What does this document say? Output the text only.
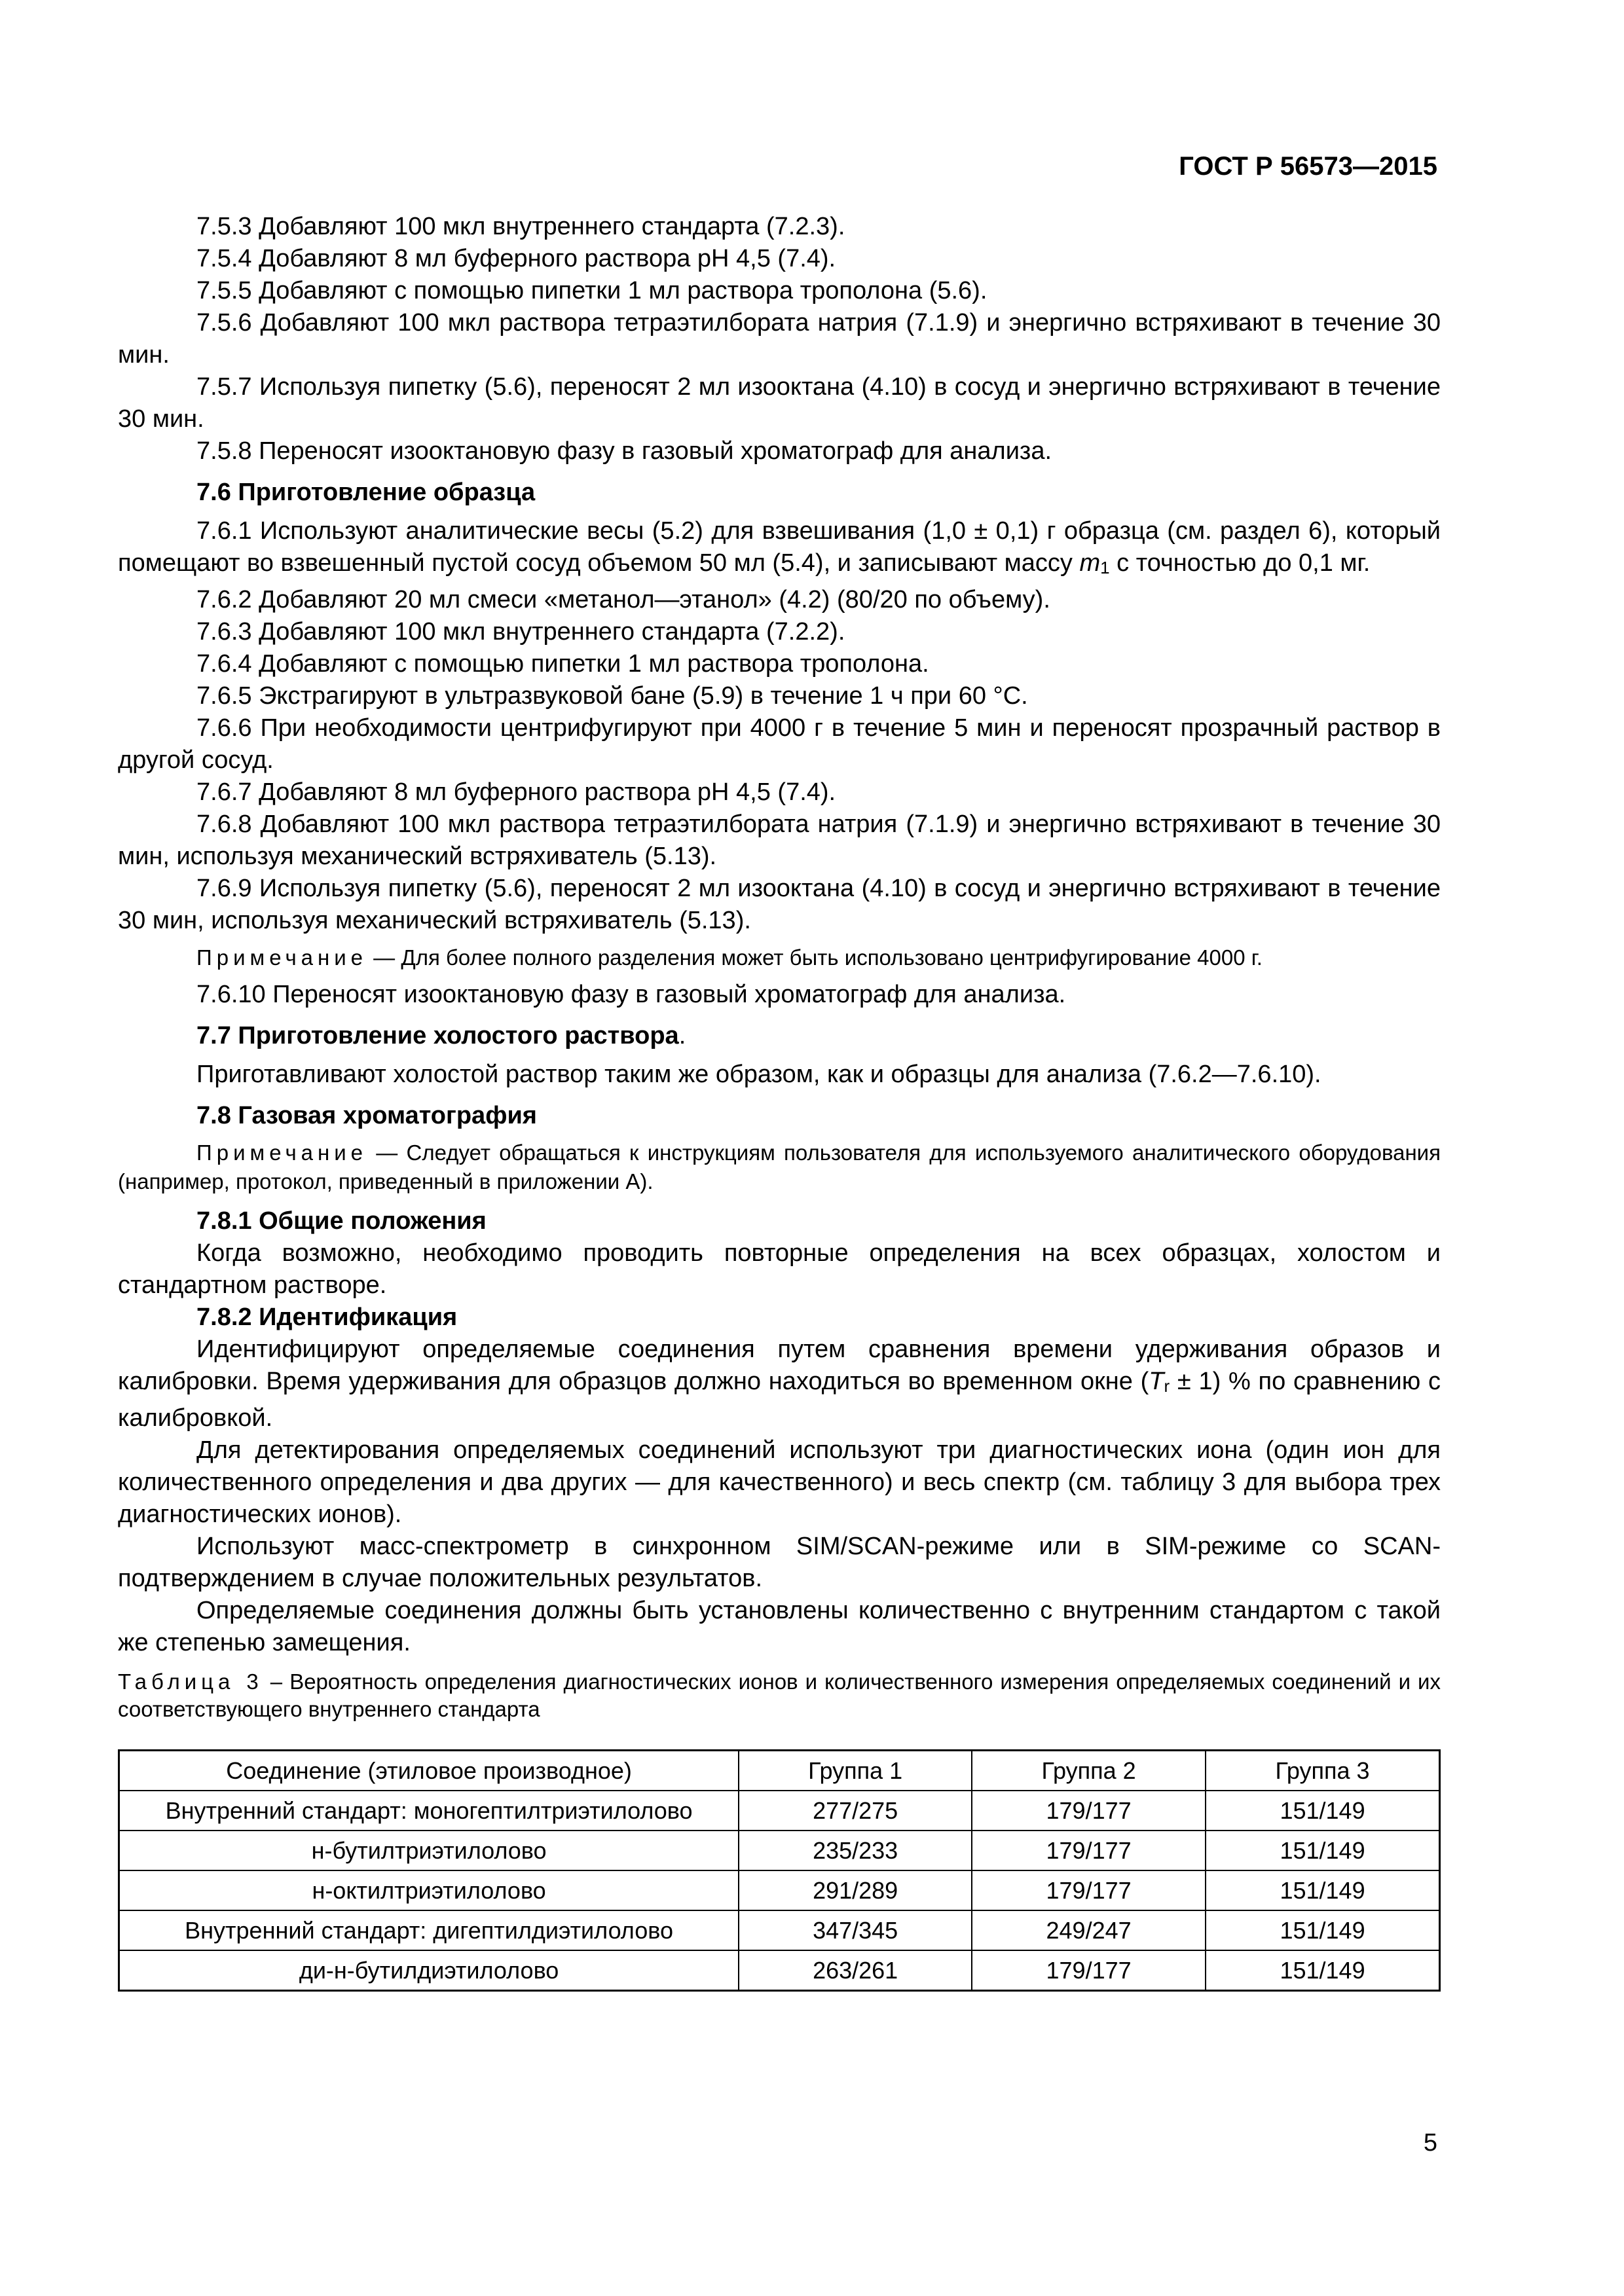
ГОСТ Р 56573—2015

7.5.3 Добавляют 100 мкл внутреннего стандарта (7.2.3).

7.5.4 Добавляют 8 мл буферного раствора pH 4,5 (7.4).

7.5.5 Добавляют с помощью пипетки 1 мл раствора трополона (5.6).

7.5.6 Добавляют 100 мкл раствора тетраэтилбората натрия (7.1.9) и энергично встряхивают в течение 30 мин.

7.5.7 Используя пипетку (5.6), переносят 2 мл изооктана (4.10) в сосуд и энергично встряхивают в течение 30 мин.

7.5.8 Переносят изооктановую фазу в газовый хроматограф для анализа.

7.6 Приготовление образца

7.6.1 Используют аналитические весы (5.2) для взвешивания (1,0 ± 0,1) г образца (см. раздел 6), который помещают во взвешенный пустой сосуд объемом 50 мл (5.4), и записывают массу m1 с точностью до 0,1 мг.

7.6.2 Добавляют 20 мл смеси «метанол—этанол» (4.2) (80/20 по объему).

7.6.3 Добавляют 100 мкл внутреннего стандарта (7.2.2).

7.6.4 Добавляют с помощью пипетки 1 мл раствора трополона.

7.6.5 Экстрагируют в ультразвуковой бане (5.9) в течение 1 ч при 60 °С.

7.6.6 При необходимости центрифугируют при 4000 г в течение 5 мин и переносят прозрачный раствор в другой сосуд.

7.6.7 Добавляют 8 мл буферного раствора pH 4,5 (7.4).

7.6.8 Добавляют 100 мкл раствора тетраэтилбората натрия (7.1.9) и энергично встряхивают в течение 30 мин, используя механический встряхиватель (5.13).

7.6.9 Используя пипетку (5.6), переносят 2 мл изооктана (4.10) в сосуд и энергично встряхивают в течение 30 мин, используя механический встряхиватель (5.13).

Примечание — Для более полного разделения может быть использовано центрифугирование 4000 г.

7.6.10 Переносят изооктановую фазу в газовый хроматограф для анализа.

7.7 Приготовление холостого раствора.

Приготавливают холостой раствор таким же образом, как и образцы для анализа (7.6.2—7.6.10).

7.8 Газовая хроматография

Примечание — Следует обращаться к инструкциям пользователя для используемого аналитического оборудования (например, протокол, приведенный в приложении А).

7.8.1 Общие положения

Когда возможно, необходимо проводить повторные определения на всех образцах, холостом и стандартном растворе.

7.8.2 Идентификация

Идентифицируют определяемые соединения путем сравнения времени удерживания образов и калибровки. Время удерживания для образцов должно находиться во временном окне (Tr ± 1) % по сравнению с калибровкой.

Для детектирования определяемых соединений используют три диагностических иона (один ион для количественного определения и два других — для качественного) и весь спектр (см. таблицу 3 для выбора трех диагностических ионов).

Используют масс-спектрометр в синхронном SIM/SCAN-режиме или в SIM-режиме со SCAN-подтверждением в случае положительных результатов.

Определяемые соединения должны быть установлены количественно с внутренним стандартом с такой же степенью замещения.

Таблица 3 – Вероятность определения диагностических ионов и количественного измерения определяемых соединений и их соответствующего внутреннего стандарта

Соединение (этиловое производное)	Группа 1	Группа 2	Группа 3
Внутренний стандарт: моногептилтриэтилолово	277/275	179/177	151/149
н-бутилтриэтилолово	235/233	179/177	151/149
н-октилтриэтилолово	291/289	179/177	151/149
Внутренний стандарт: дигептилдиэтилолово	347/345	249/247	151/149
ди-н-бутилдиэтилолово	263/261	179/177	151/149
5
